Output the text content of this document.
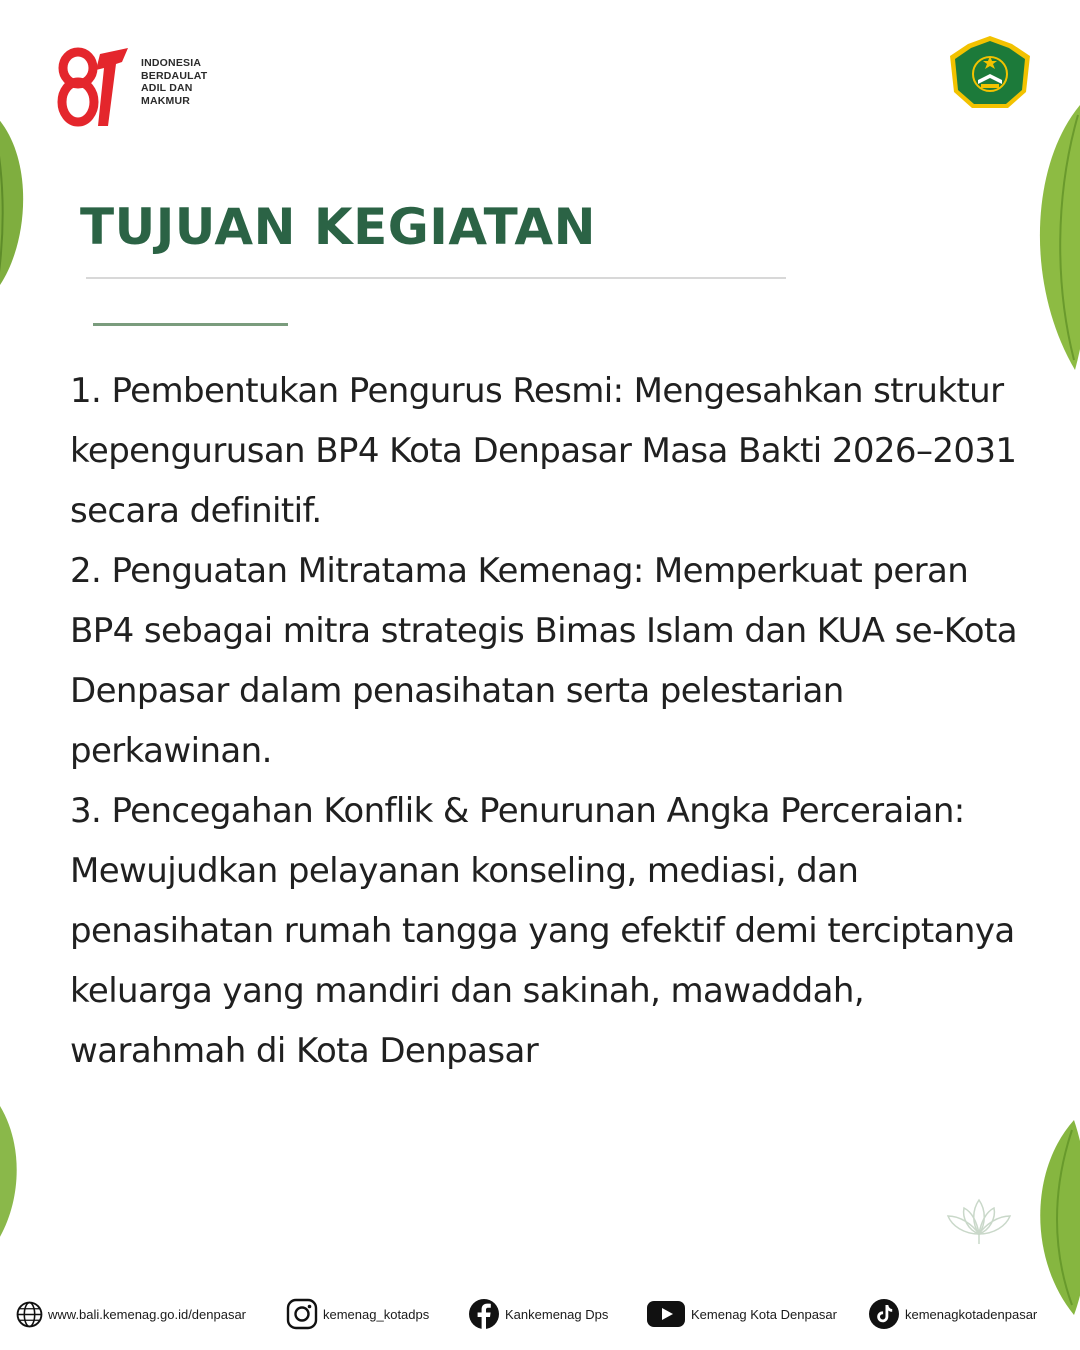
INDONESIA
BERDAULAT
ADIL DAN
MAKMUR
TUJUAN KEGIATAN

1. Pembentukan Pengurus Resmi: Mengesahkan struktur kepengurusan BP4 Kota Denpasar Masa Bakti 2026–2031 secara definitif.

2. Penguatan Mitratama Kemenag: Memperkuat peran BP4 sebagai mitra strategis Bimas Islam dan KUA se-Kota Denpasar dalam penasihatan serta pelestarian perkawinan.

3. Pencegahan Konflik & Penurunan Angka Perceraian: Mewujudkan pelayanan konseling, mediasi, dan penasihatan rumah tangga yang efektif demi terciptanya keluarga yang mandiri dan sakinah, mawaddah, warahmah di Kota Denpasar

www.bali.kemenag.go.id/denpasar	kemenag_kotadps	Kankemenag Dps	Kemenag Kota Denpasar	kemenagkotadenpasar
